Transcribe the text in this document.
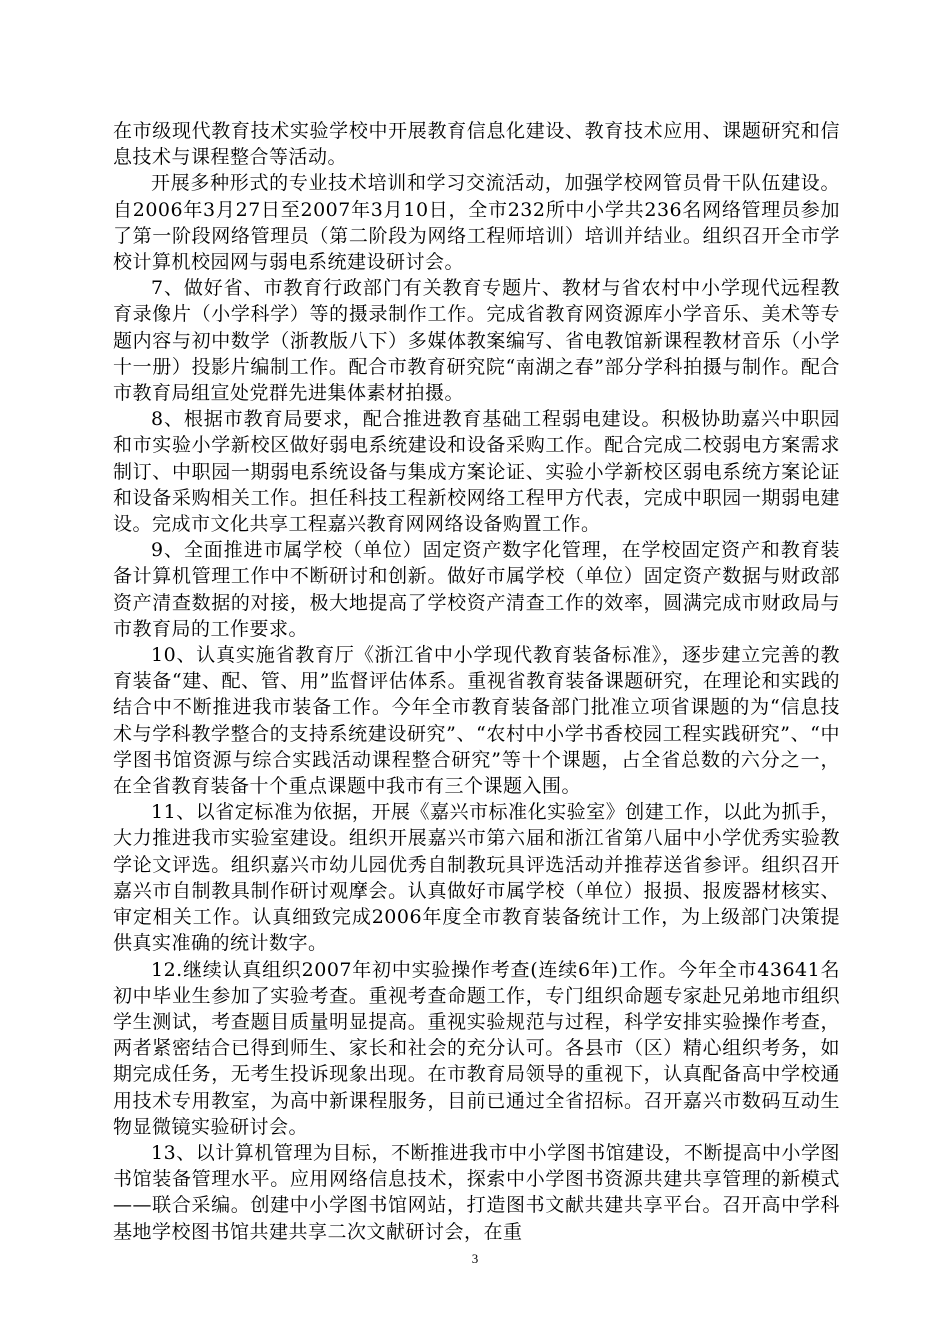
在市级现代教育技术实验学校中开展教育信息化建设、教育技术应用、课题研究和信息技术与课程整合等活动。

开展多种形式的专业技术培训和学习交流活动，加强学校网管员骨干队伍建设。自2006年3月27日至2007年3月10日，全市232所中小学共236名网络管理员参加了第一阶段网络管理员（第二阶段为网络工程师培训）培训并结业。组织召开全市学校计算机校园网与弱电系统建设研讨会。

7、做好省、市教育行政部门有关教育专题片、教材与省农村中小学现代远程教育录像片（小学科学）等的摄录制作工作。完成省教育网资源库小学音乐、美术等专题内容与初中数学（浙教版八下）多媒体教案编写、省电教馆新课程教材音乐（小学十一册）投影片编制工作。配合市教育研究院“南湖之春”部分学科拍摄与制作。配合市教育局组宣处党群先进集体素材拍摄。

8、根据市教育局要求，配合推进教育基础工程弱电建设。积极协助嘉兴中职园和市实验小学新校区做好弱电系统建设和设备采购工作。配合完成二校弱电方案需求制订、中职园一期弱电系统设备与集成方案论证、实验小学新校区弱电系统方案论证和设备采购相关工作。担任科技工程新校网络工程甲方代表，完成中职园一期弱电建设。完成市文化共享工程嘉兴教育网网络设备购置工作。

9、全面推进市属学校（单位）固定资产数字化管理，在学校固定资产和教育装备计算机管理工作中不断研讨和创新。做好市属学校（单位）固定资产数据与财政部资产清查数据的对接，极大地提高了学校资产清查工作的效率，圆满完成市财政局与市教育局的工作要求。

10、认真实施省教育厅《浙江省中小学现代教育装备标准》，逐步建立完善的教育装备“建、配、管、用”监督评估体系。重视省教育装备课题研究，在理论和实践的结合中不断推进我市装备工作。今年全市教育装备部门批准立项省课题的为“信息技术与学科教学整合的支持系统建设研究”、“农村中小学书香校园工程实践研究”、“中学图书馆资源与综合实践活动课程整合研究”等十个课题，占全省总数的六分之一，在全省教育装备十个重点课题中我市有三个课题入围。

11、以省定标准为依据，开展《嘉兴市标准化实验室》创建工作，以此为抓手，大力推进我市实验室建设。组织开展嘉兴市第六届和浙江省第八届中小学优秀实验教学论文评选。组织嘉兴市幼儿园优秀自制教玩具评选活动并推荐送省参评。组织召开嘉兴市自制教具制作研讨观摩会。认真做好市属学校（单位）报损、报废器材核实、审定相关工作。认真细致完成2006年度全市教育装备统计工作，为上级部门决策提供真实准确的统计数字。

12.继续认真组织2007年初中实验操作考查(连续6年)工作。今年全市43641名初中毕业生参加了实验考查。重视考查命题工作，专门组织命题专家赴兄弟地市组织学生测试，考查题目质量明显提高。重视实验规范与过程，科学安排实验操作考查，两者紧密结合已得到师生、家长和社会的充分认可。各县市（区）精心组织考务，如期完成任务，无考生投诉现象出现。在市教育局领导的重视下，认真配备高中学校通用技术专用教室，为高中新课程服务，目前已通过全省招标。召开嘉兴市数码互动生物显微镜实验研讨会。

13、以计算机管理为目标，不断推进我市中小学图书馆建设，不断提高中小学图书馆装备管理水平。应用网络信息技术，探索中小学图书资源共建共享管理的新模式——联合采编。创建中小学图书馆网站，打造图书文献共建共享平台。召开高中学科基地学校图书馆共建共享二次文献研讨会，在重

3
